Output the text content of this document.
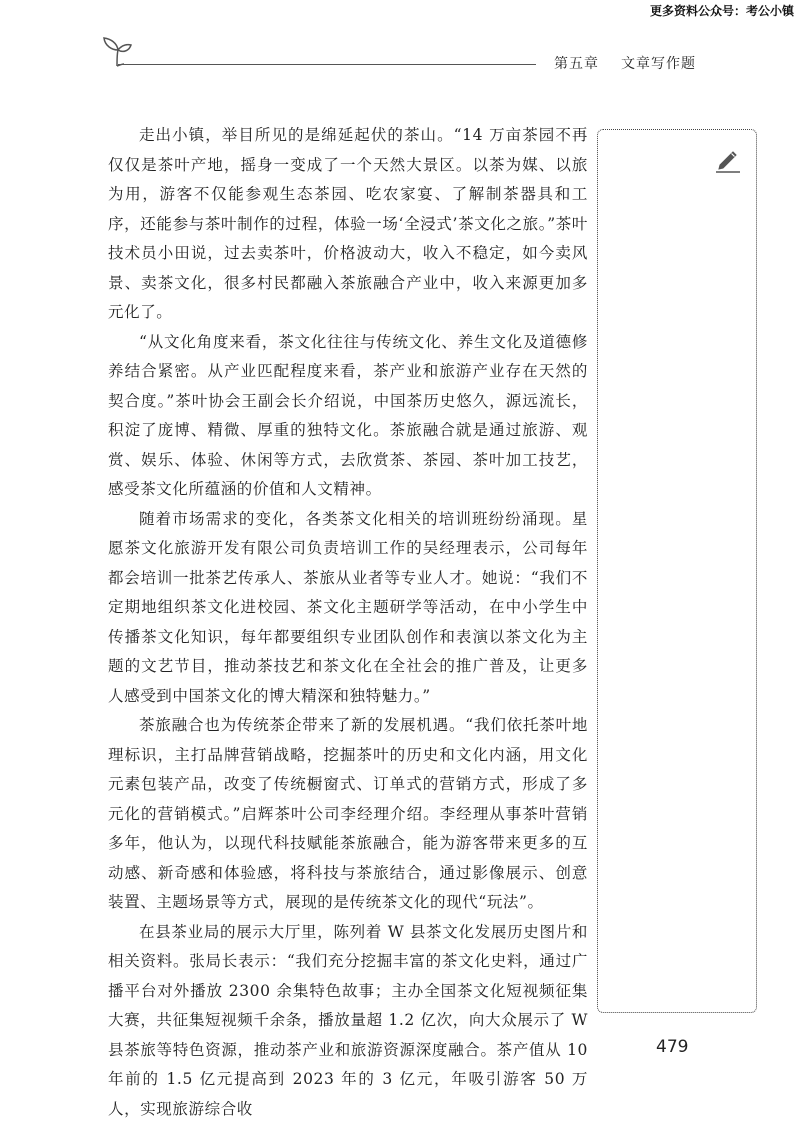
更多资料公众号：考公小镇
第五章 文章写作题

走出小镇，举目所见的是绵延起伏的茶山。“14 万亩茶园不再仅仅是茶叶产地，摇身一变成了一个天然大景区。以茶为媒、以旅为用，游客不仅能参观生态茶园、吃农家宴、了解制茶器具和工序，还能参与茶叶制作的过程，体验一场‘全浸式’茶文化之旅。”茶叶技术员小田说，过去卖茶叶，价格波动大，收入不稳定，如今卖风景、卖茶文化，很多村民都融入茶旅融合产业中，收入来源更加多元化了。

“从文化角度来看，茶文化往往与传统文化、养生文化及道德修养结合紧密。从产业匹配程度来看，茶产业和旅游产业存在天然的契合度。”茶叶协会王副会长介绍说，中国茶历史悠久，源远流长，积淀了庞博、精微、厚重的独特文化。茶旅融合就是通过旅游、观赏、娱乐、体验、休闲等方式，去欣赏茶、茶园、茶叶加工技艺，感受茶文化所蕴涵的价值和人文精神。

随着市场需求的变化，各类茶文化相关的培训班纷纷涌现。星愿茶文化旅游开发有限公司负责培训工作的吴经理表示，公司每年都会培训一批茶艺传承人、茶旅从业者等专业人才。她说：“我们不定期地组织茶文化进校园、茶文化主题研学等活动，在中小学生中传播茶文化知识，每年都要组织专业团队创作和表演以茶文化为主题的文艺节目，推动茶技艺和茶文化在全社会的推广普及，让更多人感受到中国茶文化的博大精深和独特魅力。”

茶旅融合也为传统茶企带来了新的发展机遇。“我们依托茶叶地理标识，主打品牌营销战略，挖掘茶叶的历史和文化内涵，用文化元素包装产品，改变了传统橱窗式、订单式的营销方式，形成了多元化的营销模式。”启辉茶叶公司李经理介绍。李经理从事茶叶营销多年，他认为，以现代科技赋能茶旅融合，能为游客带来更多的互动感、新奇感和体验感，将科技与茶旅结合，通过影像展示、创意装置、主题场景等方式，展现的是传统茶文化的现代“玩法”。

在县茶业局的展示大厅里，陈列着 W 县茶文化发展历史图片和相关资料。张局长表示：“我们充分挖掘丰富的茶文化史料，通过广播平台对外播放 2300 余集特色故事；主办全国茶文化短视频征集大赛，共征集短视频千余条，播放量超 1.2 亿次，向大众展示了 W 县茶旅等特色资源，推动茶产业和旅游资源深度融合。茶产值从 10 年前的 1.5 亿元提高到 2023 年的 3 亿元，年吸引游客 50 万人，实现旅游综合收

479
